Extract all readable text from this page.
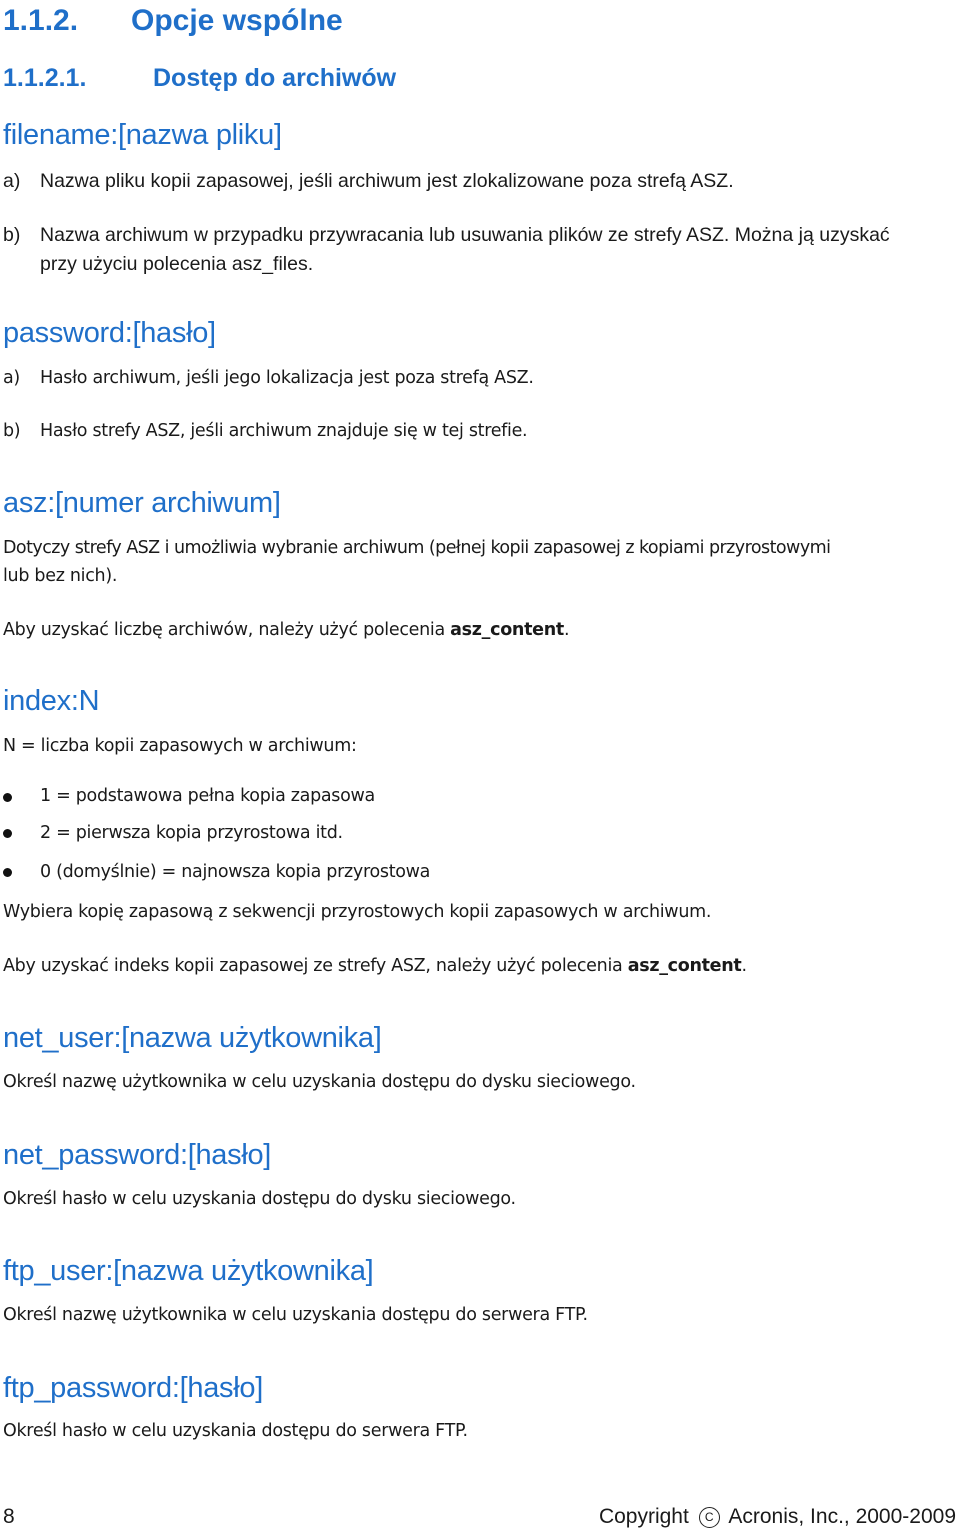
1.1.2. Opcje wspólne
1.1.2.1.	Dostęp do archiwów
filename:[nazwa pliku]
a) Nazwa pliku kopii zapasowej, jeśli archiwum jest zlokalizowane poza strefą ASZ.
b) Nazwa archiwum w przypadku przywracania lub usuwania plików ze strefy ASZ. Można ją uzyskać
przy użyciu polecenia asz_files.
password:[hasło]
a) Hasło archiwum, jeśli jego lokalizacja jest poza strefą ASZ.
b) Hasło strefy ASZ, jeśli archiwum znajduje się w tej strefie.
asz:[numer archiwum]
Dotyczy strefy ASZ i umożliwia wybranie archiwum (pełnej kopii zapasowej z kopiami przyrostowymi
lub bez nich).
Aby uzyskać liczbę archiwów, należy użyć polecenia asz_content.
index:N
N = liczba kopii zapasowych w archiwum:
1 = podstawowa pełna kopia zapasowa
2 = pierwsza kopia przyrostowa itd.
0 (domyślnie) = najnowsza kopia przyrostowa
Wybiera kopię zapasową z sekwencji przyrostowych kopii zapasowych w archiwum.
Aby uzyskać indeks kopii zapasowej ze strefy ASZ, należy użyć polecenia asz_content.
net_user:[nazwa użytkownika]
Określ nazwę użytkownika w celu uzyskania dostępu do dysku sieciowego.
net_password:[hasło]
Określ hasło w celu uzyskania dostępu do dysku sieciowego.
ftp_user:[nazwa użytkownika]
Określ nazwę użytkownika w celu uzyskania dostępu do serwera FTP.
ftp_password:[hasło]
Określ hasło w celu uzyskania dostępu do serwera FTP.
8	Copyright C Acronis, Inc., 2000-2009
